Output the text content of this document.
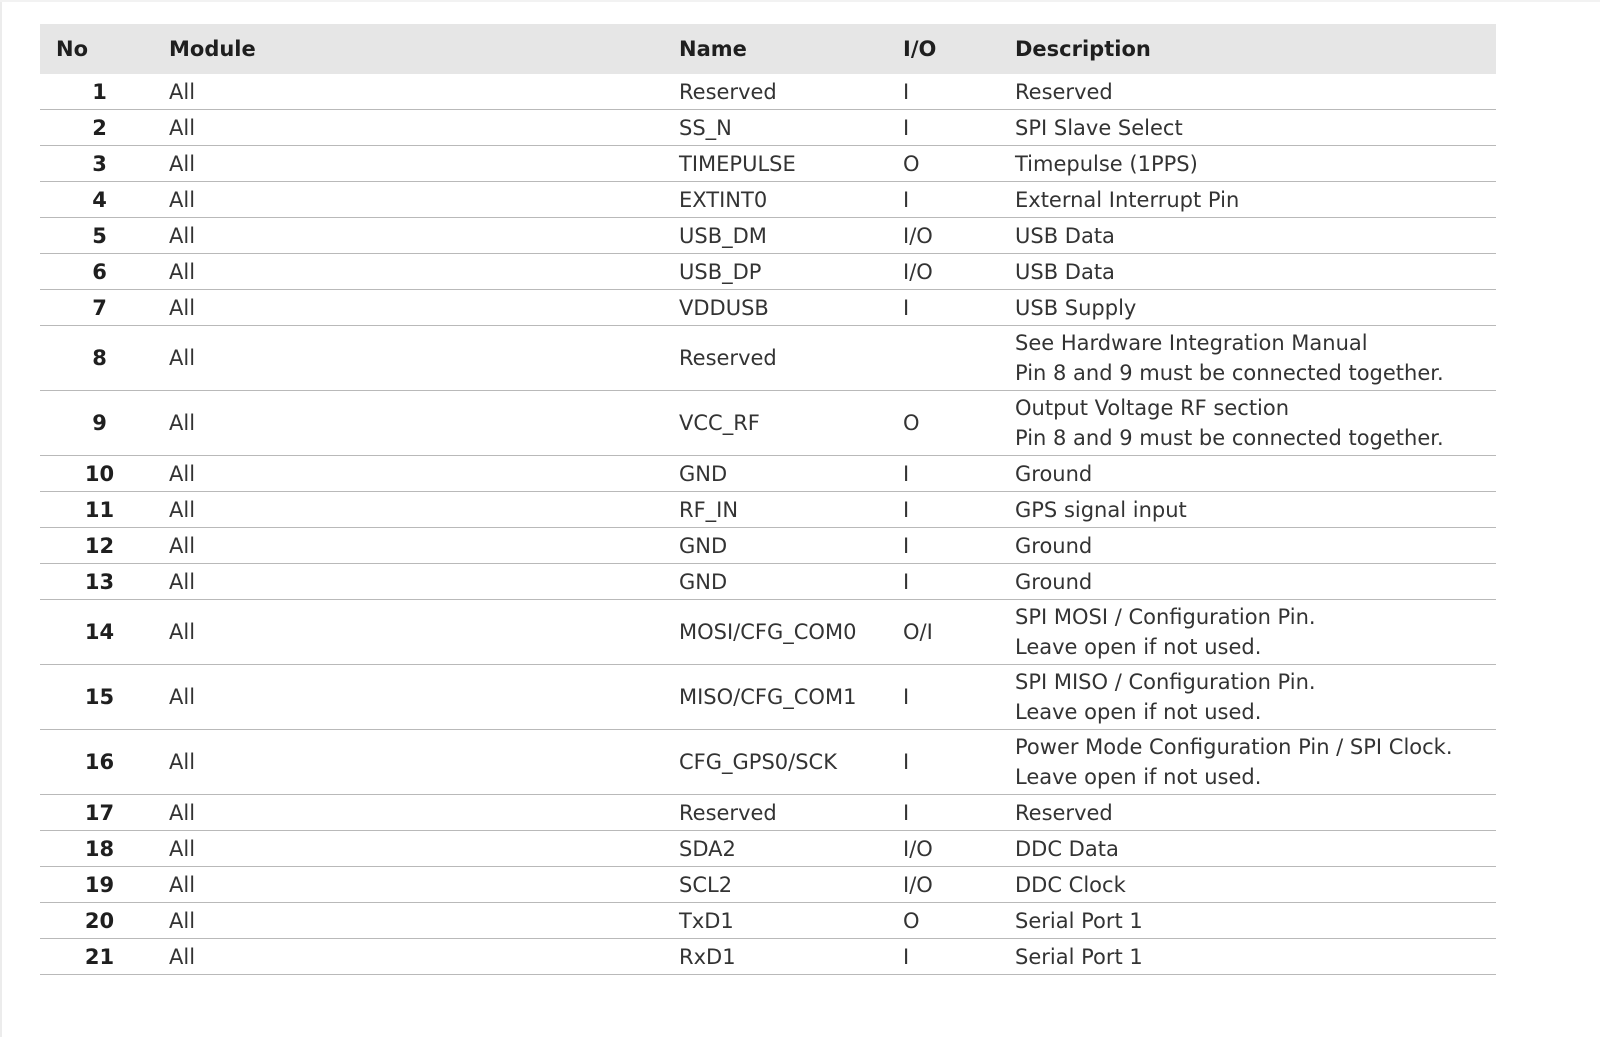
No	Module	Name	I/O	Description
1	All	Reserved	I	Reserved

2	All	SS_N	I	SPI Slave Select

3	All	TIMEPULSE	O	Timepulse (1PPS)

4	All	EXTINT0	I	External Interrupt Pin

5	All	USB_DM	I/O	USB Data

6	All	USB_DP	I/O	USB Data

7	All	VDDUSB	I	USB Supply

8	All	Reserved		See Hardware Integration Manual
Pin 8 and 9 must be connected together.

9	All	VCC_RF	O	Output Voltage RF section
Pin 8 and 9 must be connected together.

10	All	GND	I	Ground

11	All	RF_IN	I	GPS signal input

12	All	GND	I	Ground

13	All	GND	I	Ground

14	All	MOSI/CFG_COM0	O/I	SPI MOSI / Configuration Pin.
Leave open if not used.

15	All	MISO/CFG_COM1	I	SPI MISO / Configuration Pin.
Leave open if not used.

16	All	CFG_GPS0/SCK	I	Power Mode Configuration Pin / SPI Clock.
Leave open if not used.

17	All	Reserved	I	Reserved

18	All	SDA2	I/O	DDC Data

19	All	SCL2	I/O	DDC Clock

20	All	TxD1	O	Serial Port 1

21	All	RxD1	I	Serial Port 1
